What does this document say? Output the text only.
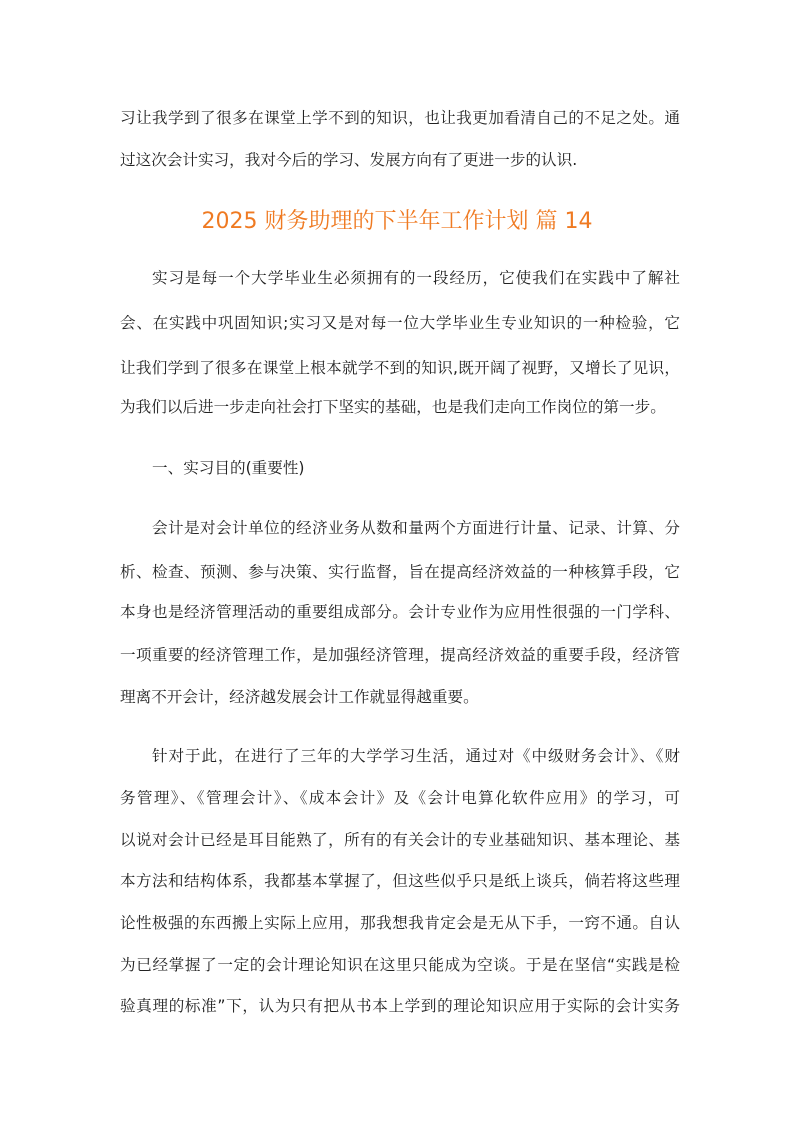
习让我学到了很多在课堂上学不到的知识，也让我更加看清自己的不足之处。通
过这次会计实习，我对今后的学习、发展方向有了更进一步的认识.
2025 财务助理的下半年工作计划 篇 14
实习是每一个大学毕业生必须拥有的一段经历，它使我们在实践中了解社
会、在实践中巩固知识;实习又是对每一位大学毕业生专业知识的一种检验，它
让我们学到了很多在课堂上根本就学不到的知识,既开阔了视野，又增长了见识，
为我们以后进一步走向社会打下坚实的基础，也是我们走向工作岗位的第一步。
一、实习目的(重要性)
会计是对会计单位的经济业务从数和量两个方面进行计量、记录、计算、分
析、检查、预测、参与决策、实行监督，旨在提高经济效益的一种核算手段，它
本身也是经济管理活动的重要组成部分。会计专业作为应用性很强的一门学科、
一项重要的经济管理工作，是加强经济管理，提高经济效益的重要手段，经济管
理离不开会计，经济越发展会计工作就显得越重要。
针对于此，在进行了三年的大学学习生活，通过对《中级财务会计》、《财
务管理》、《管理会计》、《成本会计》及《会计电算化软件应用》的学习，可
以说对会计已经是耳目能熟了，所有的有关会计的专业基础知识、基本理论、基
本方法和结构体系，我都基本掌握了，但这些似乎只是纸上谈兵，倘若将这些理
论性极强的东西搬上实际上应用，那我想我肯定会是无从下手，一窍不通。自认
为已经掌握了一定的会计理论知识在这里只能成为空谈。于是在坚信“实践是检
验真理的标准”下，认为只有把从书本上学到的理论知识应用于实际的会计实务
